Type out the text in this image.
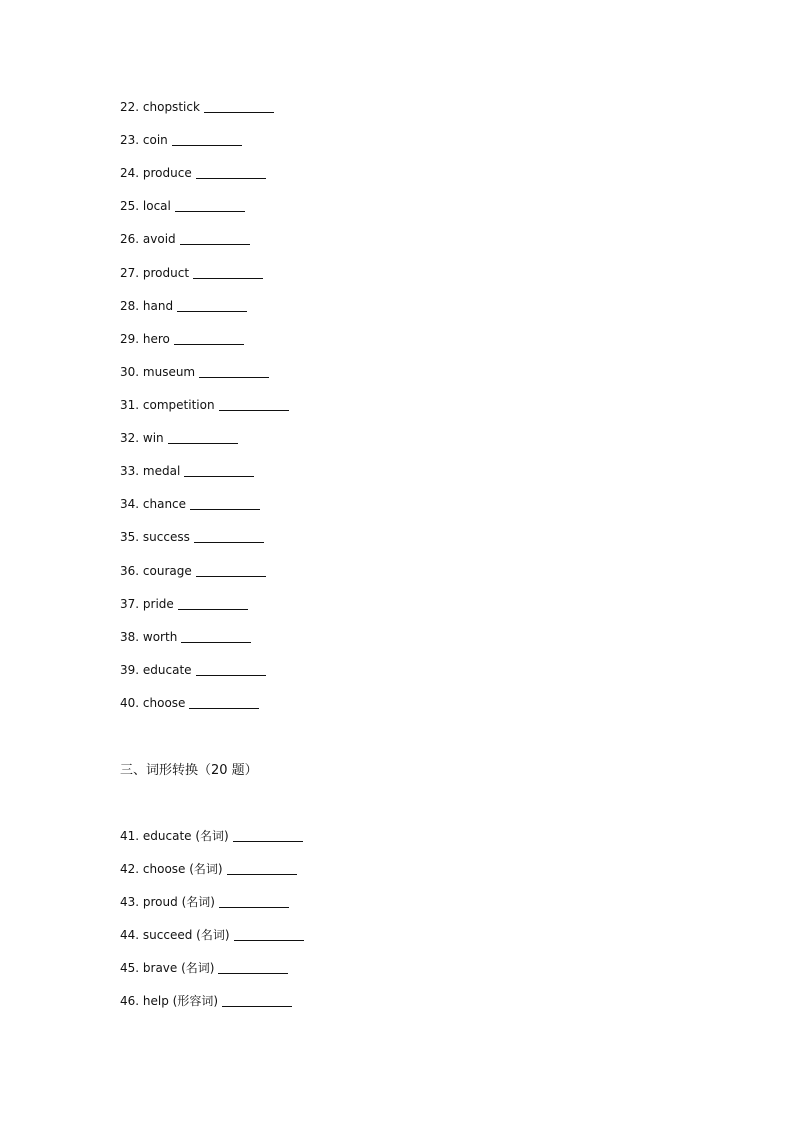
22. chopstick
23. coin
24. produce
25. local
26. avoid
27. product
28. hand
29. hero
30. museum
31. competition
32. win
33. medal
34. chance
35. success
36. courage
37. pride
38. worth
39. educate
40. choose
三、词形转换（20 题）
41. educate (名词)
42. choose (名词)
43. proud (名词)
44. succeed (名词)
45. brave (名词)
46. help (形容词)
